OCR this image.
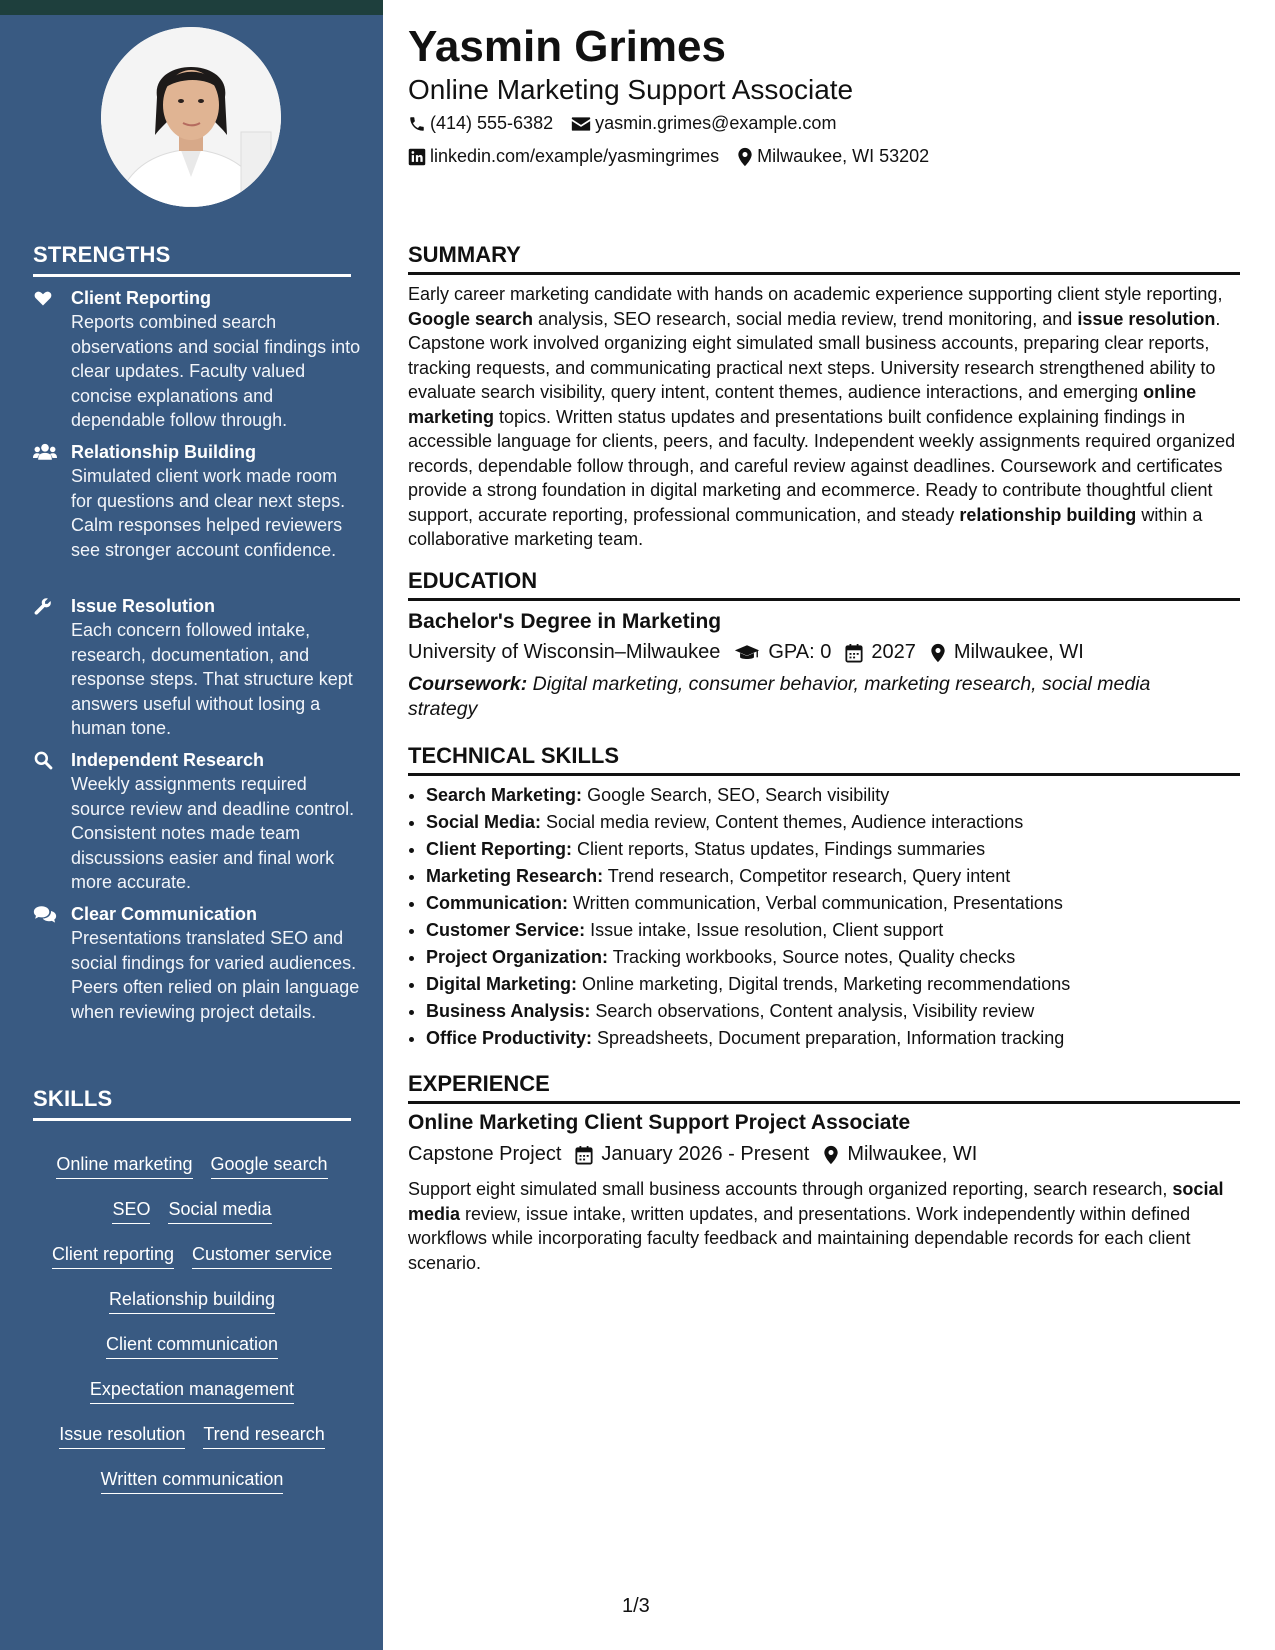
STRENGTHS
Client Reporting
Reports combined search observations and social findings into clear updates. Faculty valued concise explanations and dependable follow through.
Relationship Building
Simulated client work made room for questions and clear next steps. Calm responses helped reviewers see stronger account confidence.
Issue Resolution
Each concern followed intake, research, documentation, and response steps. That structure kept answers useful without losing a human tone.
Independent Research
Weekly assignments required source review and deadline control. Consistent notes made team discussions easier and final work more accurate.
Clear Communication
Presentations translated SEO and social findings for varied audiences. Peers often relied on plain language when reviewing project details.
SKILLS
Online marketing Google search
SEO Social media
Client reporting Customer service
Relationship building
Client communication
Expectation management
Issue resolution Trend research
Written communication
Yasmin Grimes
Online Marketing Support Associate
(414) 555-6382 yasmin.grimes@example.com
linkedin.com/example/yasmingrimes Milwaukee, WI 53202
SUMMARY
Early career marketing candidate with hands on academic experience supporting client style reporting, Google search analysis, SEO research, social media review, trend monitoring, and issue resolution. Capstone work involved organizing eight simulated small business accounts, preparing clear reports, tracking requests, and communicating practical next steps. University research strengthened ability to evaluate search visibility, query intent, content themes, audience interactions, and emerging online marketing topics. Written status updates and presentations built confidence explaining findings in accessible language for clients, peers, and faculty. Independent weekly assignments required organized records, dependable follow through, and careful review against deadlines. Coursework and certificates provide a strong foundation in digital marketing and ecommerce. Ready to contribute thoughtful client support, accurate reporting, professional communication, and steady relationship building within a collaborative marketing team.
EDUCATION
Bachelor's Degree in Marketing
University of Wisconsin–Milwaukee GPA: 0 2027 Milwaukee, WI
Coursework: Digital marketing, consumer behavior, marketing research, social media strategy
TECHNICAL SKILLS
• Search Marketing: Google Search, SEO, Search visibility
• Social Media: Social media review, Content themes, Audience interactions
• Client Reporting: Client reports, Status updates, Findings summaries
• Marketing Research: Trend research, Competitor research, Query intent
• Communication: Written communication, Verbal communication, Presentations
• Customer Service: Issue intake, Issue resolution, Client support
• Project Organization: Tracking workbooks, Source notes, Quality checks
• Digital Marketing: Online marketing, Digital trends, Marketing recommendations
• Business Analysis: Search observations, Content analysis, Visibility review
• Office Productivity: Spreadsheets, Document preparation, Information tracking
EXPERIENCE
Online Marketing Client Support Project Associate
Capstone Project January 2026 - Present Milwaukee, WI
Support eight simulated small business accounts through organized reporting, search research, social media review, issue intake, written updates, and presentations. Work independently within defined workflows while incorporating faculty feedback and maintaining dependable records for each client scenario.
1/3
